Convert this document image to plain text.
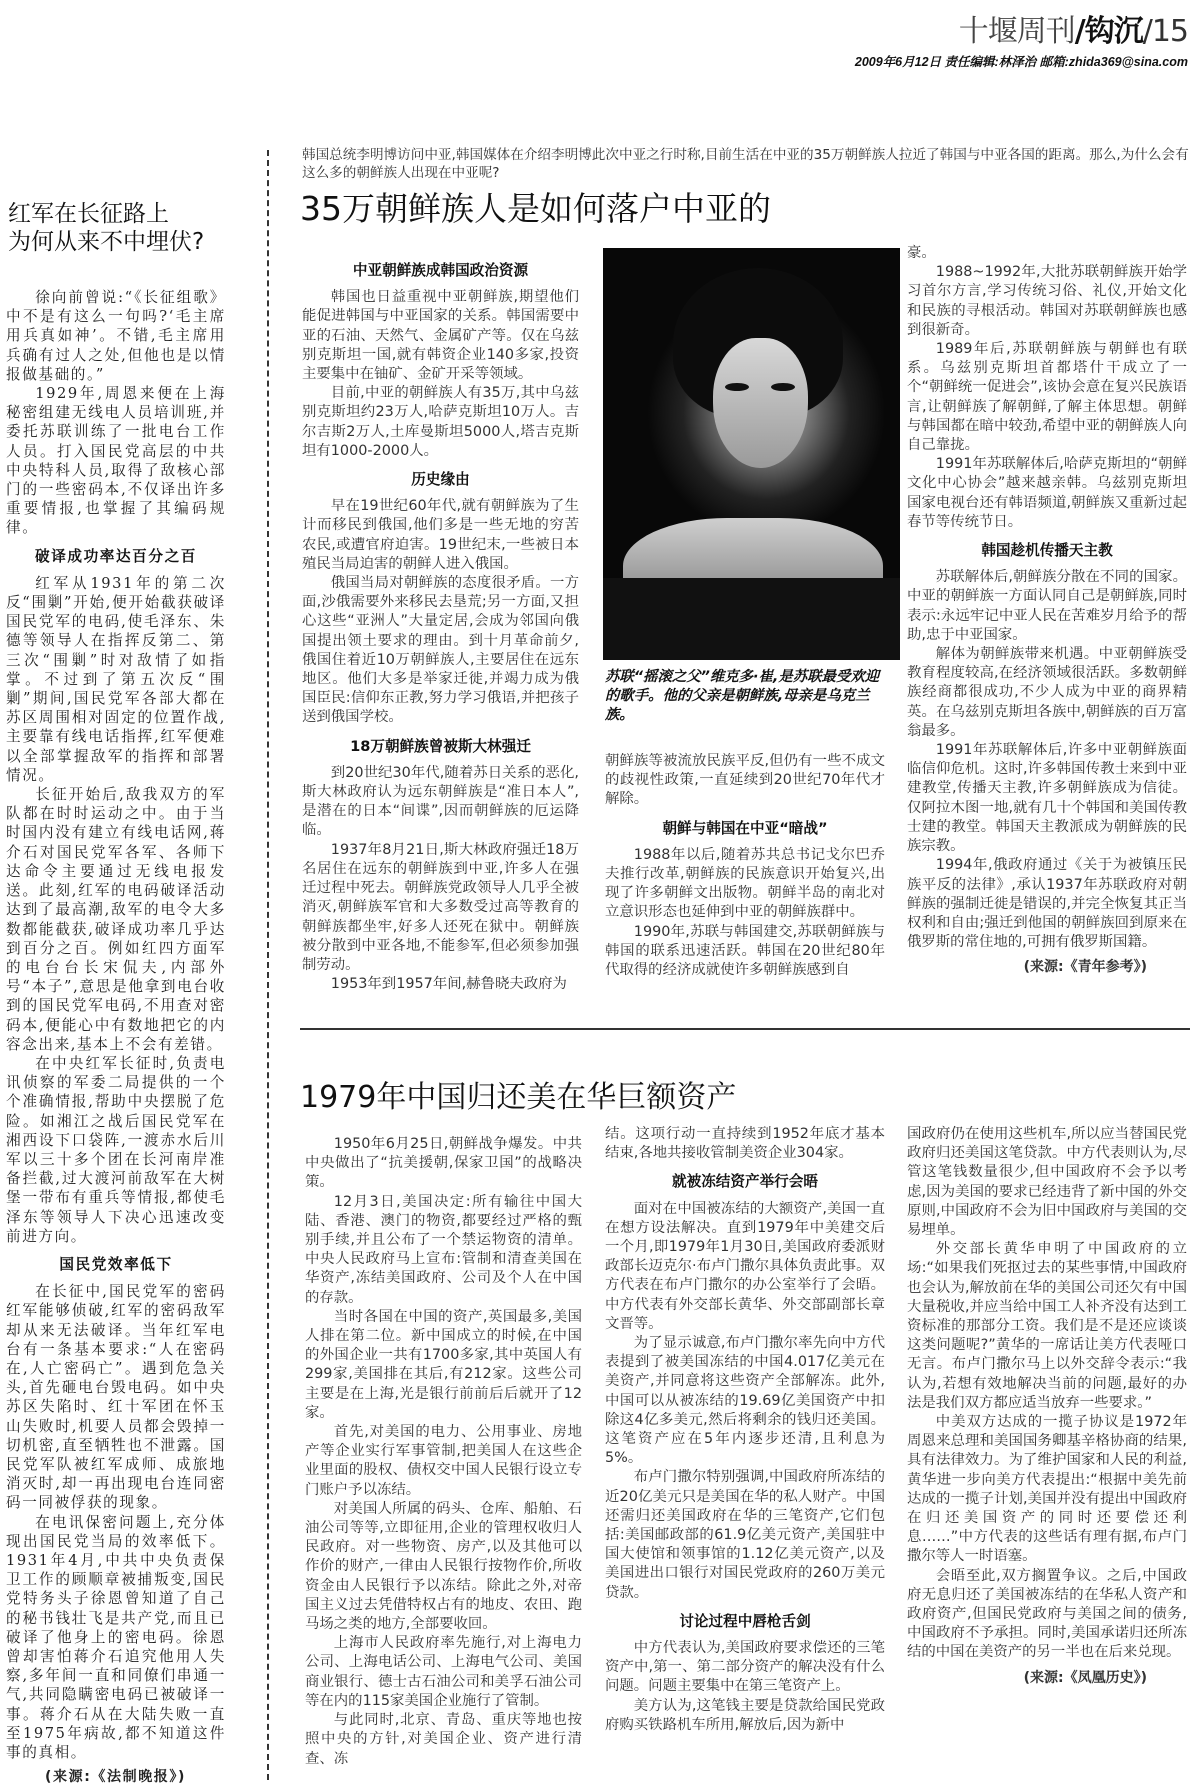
十堰周刊/钩沉/15
2009年6月12日 责任编辑:林泽治 邮箱:zhida369@sina.com
红军在长征路上
为何从来不中埋伏?

徐向前曾说:“《长征组歌》中不是有这么一句吗?‘毛主席用兵真如神’。不错,毛主席用兵确有过人之处,但他也是以情报做基础的。”

1929年,周恩来便在上海秘密组建无线电人员培训班,并委托苏联训练了一批电台工作人员。打入国民党高层的中共中央特科人员,取得了敌核心部门的一些密码本,不仅译出许多重要情报,也掌握了其编码规律。

破译成功率达百分之百

红军从1931年的第二次反“围剿”开始,便开始截获破译国民党军的电码,使毛泽东、朱德等领导人在指挥反第二、第三次“围剿”时对敌情了如指掌。不过到了第五次反“围剿”期间,国民党军各部大都在苏区周围相对固定的位置作战,主要靠有线电话指挥,红军便难以全部掌握敌军的指挥和部署情况。

长征开始后,敌我双方的军队都在时时运动之中。由于当时国内没有建立有线电话网,蒋介石对国民党军各军、各师下达命令主要通过无线电报发送。此刻,红军的电码破译活动达到了最高潮,敌军的电令大多数都能截获,破译成功率几乎达到百分之百。例如红四方面军的电台台长宋侃夫,内部外号“本子”,意思是他拿到电台收到的国民党军电码,不用查对密码本,便能心中有数地把它的内容念出来,基本上不会有差错。

在中央红军长征时,负责电讯侦察的军委二局提供的一个个准确情报,帮助中央摆脱了危险。如湘江之战后国民党军在湘西设下口袋阵,一渡赤水后川军以三十多个团在长河南岸准备拦截,过大渡河前敌军在大树堡一带布有重兵等情报,都使毛泽东等领导人下决心迅速改变前进方向。

国民党效率低下

在长征中,国民党军的密码红军能够侦破,红军的密码敌军却从来无法破译。当年红军电台有一条基本要求:“人在密码在,人亡密码亡”。遇到危急关头,首先砸电台毁电码。如中央苏区失陷时、红十军团在怀玉山失败时,机要人员都会毁掉一切机密,直至牺牲也不泄露。国民党军队被红军成师、成旅地消灭时,却一再出现电台连同密码一同被俘获的现象。

在电讯保密问题上,充分体现出国民党当局的效率低下。1931年4月,中共中央负责保卫工作的顾顺章被捕叛变,国民党特务头子徐恩曾知道了自己的秘书钱壮飞是共产党,而且已破译了他身上的密电码。徐恩曾却害怕蒋介石追究他用人失察,多年间一直和同僚们串通一气,共同隐瞒密电码已被破译一事。蒋介石从在大陆失败一直至1975年病故,都不知道这件事的真相。

(来源:《法制晚报》)
韩国总统李明博访问中亚,韩国媒体在介绍李明博此次中亚之行时称,目前生活在中亚的35万朝鲜族人拉近了韩国与中亚各国的距离。那么,为什么会有这么多的朝鲜族人出现在中亚呢?
35万朝鲜族人是如何落户中亚的
中亚朝鲜族成韩国政治资源

韩国也日益重视中亚朝鲜族,期望他们能促进韩国与中亚国家的关系。韩国需要中亚的石油、天然气、金属矿产等。仅在乌兹别克斯坦一国,就有韩资企业140多家,投资主要集中在铀矿、金矿开采等领域。

目前,中亚的朝鲜族人有35万,其中乌兹别克斯坦约23万人,哈萨克斯坦10万人。吉尔吉斯2万人,土库曼斯坦5000人,塔吉克斯坦有1000-2000人。

历史缘由

早在19世纪60年代,就有朝鲜族为了生计而移民到俄国,他们多是一些无地的穷苦农民,或遭官府迫害。19世纪末,一些被日本殖民当局迫害的朝鲜人进入俄国。

俄国当局对朝鲜族的态度很矛盾。一方面,沙俄需要外来移民去垦荒;另一方面,又担心这些“亚洲人”大量定居,会成为邻国向俄国提出领土要求的理由。到十月革命前夕,俄国住着近10万朝鲜族人,主要居住在远东地区。他们大多是举家迁徙,并竭力成为俄国臣民:信仰东正教,努力学习俄语,并把孩子送到俄国学校。

18万朝鲜族曾被斯大林强迁

到20世纪30年代,随着苏日关系的恶化,斯大林政府认为远东朝鲜族是“准日本人”,是潜在的日本“间谍”,因而朝鲜族的厄运降临。

1937年8月21日,斯大林政府强迁18万名居住在远东的朝鲜族到中亚,许多人在强迁过程中死去。朝鲜族党政领导人几乎全被消灭,朝鲜族军官和大多数受过高等教育的朝鲜族都坐牢,好多人还死在狱中。朝鲜族被分散到中亚各地,不能参军,但必须参加强制劳动。

1953年到1957年间,赫鲁晓夫政府为

苏联“摇滚之父”维克多·崔,是苏联最受欢迎的歌手。他的父亲是朝鲜族,母亲是乌克兰族。

朝鲜族等被流放民族平反,但仍有一些不成文的歧视性政策,一直延续到20世纪70年代才解除。

朝鲜与韩国在中亚“暗战”

1988年以后,随着苏共总书记戈尔巴乔夫推行改革,朝鲜族的民族意识开始复兴,出现了许多朝鲜文出版物。朝鲜半岛的南北对立意识形态也延伸到中亚的朝鲜族群中。

1990年,苏联与韩国建交,苏联朝鲜族与韩国的联系迅速活跃。韩国在20世纪80年代取得的经济成就使许多朝鲜族感到自

豪。

1988~1992年,大批苏联朝鲜族开始学习首尔方言,学习传统习俗、礼仪,开始文化和民族的寻根活动。韩国对苏联朝鲜族也感到很新奇。

1989年后,苏联朝鲜族与朝鲜也有联系。乌兹别克斯坦首都塔什干成立了一个“朝鲜统一促进会”,该协会意在复兴民族语言,让朝鲜族了解朝鲜,了解主体思想。朝鲜与韩国都在暗中较劲,希望中亚的朝鲜族人向自己靠拢。

1991年苏联解体后,哈萨克斯坦的“朝鲜文化中心协会”越来越亲韩。乌兹别克斯坦国家电视台还有韩语频道,朝鲜族又重新过起春节等传统节日。

韩国趁机传播天主教

苏联解体后,朝鲜族分散在不同的国家。中亚的朝鲜族一方面认同自己是朝鲜族,同时表示:永远牢记中亚人民在苦难岁月给予的帮助,忠于中亚国家。

解体为朝鲜族带来机遇。中亚朝鲜族受教育程度较高,在经济领域很活跃。多数朝鲜族经商都很成功,不少人成为中亚的商界精英。在乌兹别克斯坦各族中,朝鲜族的百万富翁最多。

1991年苏联解体后,许多中亚朝鲜族面临信仰危机。这时,许多韩国传教士来到中亚建教堂,传播天主教,许多朝鲜族成为信徒。仅阿拉木图一地,就有几十个韩国和美国传教士建的教堂。韩国天主教派成为朝鲜族的民族宗教。

1994年,俄政府通过《关于为被镇压民族平反的法律》,承认1937年苏联政府对朝鲜族的强制迁徙是错误的,并完全恢复其正当权利和自由;强迁到他国的朝鲜族回到原来在俄罗斯的常住地的,可拥有俄罗斯国籍。

(来源:《青年参考》)
1979年中国归还美在华巨额资产

1950年6月25日,朝鲜战争爆发。中共中央做出了“抗美援朝,保家卫国”的战略决策。

12月3日,美国决定:所有输往中国大陆、香港、澳门的物资,都要经过严格的甄别手续,并且公布了一个禁运物资的清单。中央人民政府马上宣布:管制和清查美国在华资产,冻结美国政府、公司及个人在中国的存款。

当时各国在中国的资产,英国最多,美国人排在第二位。新中国成立的时候,在中国的外国企业一共有1700多家,其中英国人有299家,美国排在其后,有212家。这些公司主要是在上海,光是银行前前后后就开了12家。

首先,对美国的电力、公用事业、房地产等企业实行军事管制,把美国人在这些企业里面的股权、债权交中国人民银行设立专门账户予以冻结。

对美国人所属的码头、仓库、船舶、石油公司等等,立即征用,企业的管理权收归人民政府。对一些物资、房产,以及其他可以作价的财产,一律由人民银行按物作价,所收资金由人民银行予以冻结。除此之外,对帝国主义过去凭借特权占有的地皮、农田、跑马场之类的地方,全部要收回。

上海市人民政府率先施行,对上海电力公司、上海电话公司、上海电气公司、美国商业银行、德士古石油公司和美孚石油公司等在内的115家美国企业施行了管制。

与此同时,北京、青岛、重庆等地也按照中央的方针,对美国企业、资产进行清查、冻

结。这项行动一直持续到1952年底才基本结束,各地共接收管制美资企业304家。

就被冻结资产举行会晤

面对在中国被冻结的大额资产,美国一直在想方设法解决。直到1979年中美建交后一个月,即1979年1月30日,美国政府委派财政部长迈克尔·布卢门撒尔具体负责此事。双方代表在布卢门撒尔的办公室举行了会晤。中方代表有外交部长黄华、外交部副部长章文晋等。

为了显示诚意,布卢门撒尔率先向中方代表提到了被美国冻结的中国4.017亿美元在美资产,并同意将这些资产全部解冻。此外,中国可以从被冻结的19.69亿美国资产中扣除这4亿多美元,然后将剩余的钱归还美国。这笔资产应在5年内逐步还清,且利息为5%。

布卢门撒尔特别强调,中国政府所冻结的近20亿美元只是美国在华的私人财产。中国还需归还美国政府在华的三笔资产,它们包括:美国邮政部的61.9亿美元资产,美国驻中国大使馆和领事馆的1.12亿美元资产,以及美国进出口银行对国民党政府的260万美元贷款。

讨论过程中唇枪舌剑

中方代表认为,美国政府要求偿还的三笔资产中,第一、第二部分资产的解决没有什么问题。问题主要集中在第三笔资产上。

美方认为,这笔钱主要是贷款给国民党政府购买铁路机车所用,解放后,因为新中

国政府仍在使用这些机车,所以应当替国民党政府归还美国这笔贷款。中方代表则认为,尽管这笔钱数量很少,但中国政府不会予以考虑,因为美国的要求已经违背了新中国的外交原则,中国政府不会为旧中国政府与美国的交易埋单。

外交部长黄华申明了中国政府的立场:“如果我们死抠过去的某些事情,中国政府也会认为,解放前在华的美国公司还欠有中国大量税收,并应当给中国工人补齐没有达到工资标准的那部分工资。我们是不是还应谈谈这类问题呢?”黄华的一席话让美方代表哑口无言。布卢门撒尔马上以外交辞令表示:“我认为,若想有效地解决当前的问题,最好的办法是我们双方都应适当放弃一些要求。”

中美双方达成的一揽子协议是1972年周恩来总理和美国国务卿基辛格协商的结果,具有法律效力。为了维护国家和人民的利益,黄华进一步向美方代表提出:“根据中美先前达成的一揽子计划,美国并没有提出中国政府在归还美国资产的同时还要偿还利息……”中方代表的这些话有理有据,布卢门撒尔等人一时语塞。

会晤至此,双方搁置争议。之后,中国政府无息归还了美国被冻结的在华私人资产和政府资产,但国民党政府与美国之间的债务,中国政府不予承担。同时,美国承诺归还所冻结的中国在美资产的另一半也在后来兑现。

(来源:《凤凰历史》)
